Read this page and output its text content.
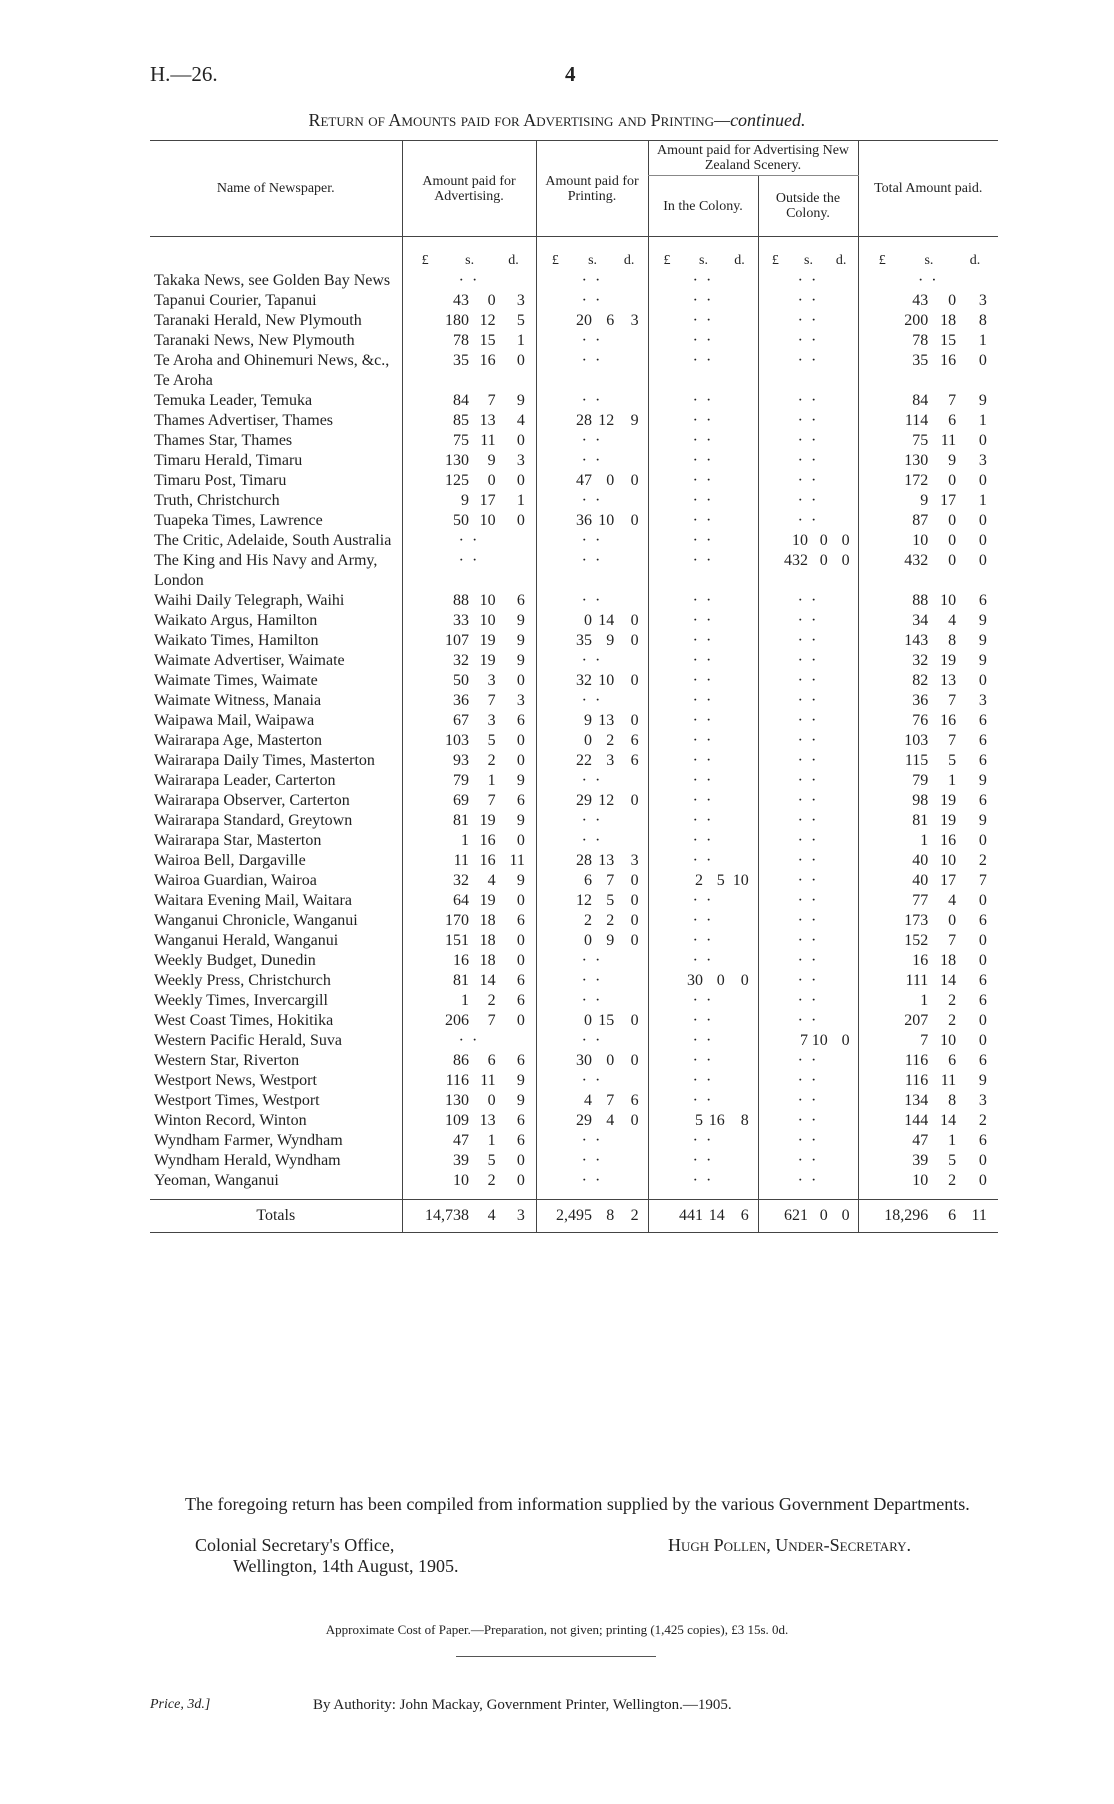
H.—26.	4
Return of Amounts paid for Advertising and Printing—continued.
Name of Newspaper.	Amount paid for Advertising.	Amount paid for Printing.	Amount paid for Advertising New Zealand Scenery.		Total Amount paid.
			In the Colony.	Outside the Colony.	

	£ s. d.	£ s. d.	£ s. d.	£ s. d.	£ s. d.

Takaka News, see Golden Bay News	· ·	· ·	· ·	· ·	· ·

Tapanui Courier, Tapanui	43 0 3	· ·	· ·	· ·	43 0 3

Taranaki Herald, New Plymouth	180 12 5	20 6 3	· ·	· ·	200 18 8

Taranaki News, New Plymouth	78 15 1	· ·	· ·	· ·	78 15 1

Te Aroha and Ohinemuri News, &c., Te Aroha	35 16 0	· ·	· ·	· ·	35 16 0

Temuka Leader, Temuka	84 7 9	· ·	· ·	· ·	84 7 9

Thames Advertiser, Thames	85 13 4	28 12 9	· ·	· ·	114 6 1

Thames Star, Thames	75 11 0	· ·	· ·	· ·	75 11 0

Timaru Herald, Timaru	130 9 3	· ·	· ·	· ·	130 9 3

Timaru Post, Timaru	125 0 0	47 0 0	· ·	· ·	172 0 0

Truth, Christchurch	9 17 1	· ·	· ·	· ·	9 17 1

Tuapeka Times, Lawrence	50 10 0	36 10 0	· ·	· ·	87 0 0

The Critic, Adelaide, South Australia	· ·	· ·	· ·	10 0 0	10 0 0

The King and His Navy and Army, London	· ·	· ·	· ·	432 0 0	432 0 0

Waihi Daily Telegraph, Waihi	88 10 6	· ·	· ·	· ·	88 10 6

Waikato Argus, Hamilton	33 10 9	0 14 0	· ·	· ·	34 4 9

Waikato Times, Hamilton	107 19 9	35 9 0	· ·	· ·	143 8 9

Waimate Advertiser, Waimate	32 19 9	· ·	· ·	· ·	32 19 9

Waimate Times, Waimate	50 3 0	32 10 0	· ·	· ·	82 13 0

Waimate Witness, Manaia	36 7 3	· ·	· ·	· ·	36 7 3

Waipawa Mail, Waipawa	67 3 6	9 13 0	· ·	· ·	76 16 6

Wairarapa Age, Masterton	103 5 0	0 2 6	· ·	· ·	103 7 6

Wairarapa Daily Times, Masterton	93 2 0	22 3 6	· ·	· ·	115 5 6

Wairarapa Leader, Carterton	79 1 9	· ·	· ·	· ·	79 1 9

Wairarapa Observer, Carterton	69 7 6	29 12 0	· ·	· ·	98 19 6

Wairarapa Standard, Greytown	81 19 9	· ·	· ·	· ·	81 19 9

Wairarapa Star, Masterton	1 16 0	· ·	· ·	· ·	1 16 0

Wairoa Bell, Dargaville	11 16 11	28 13 3	· ·	· ·	40 10 2

Wairoa Guardian, Wairoa	32 4 9	6 7 0	2 5 10	· ·	40 17 7

Waitara Evening Mail, Waitara	64 19 0	12 5 0	· ·	· ·	77 4 0

Wanganui Chronicle, Wanganui	170 18 6	2 2 0	· ·	· ·	173 0 6

Wanganui Herald, Wanganui	151 18 0	0 9 0	· ·	· ·	152 7 0

Weekly Budget, Dunedin	16 18 0	· ·	· ·	· ·	16 18 0

Weekly Press, Christchurch	81 14 6	· ·	30 0 0	· ·	111 14 6

Weekly Times, Invercargill	1 2 6	· ·	· ·	· ·	1 2 6

West Coast Times, Hokitika	206 7 0	0 15 0	· ·	· ·	207 2 0

Western Pacific Herald, Suva	· ·	· ·	· ·	7 10 0	7 10 0

Western Star, Riverton	86 6 6	30 0 0	· ·	· ·	116 6 6

Westport News, Westport	116 11 9	· ·	· ·	· ·	116 11 9

Westport Times, Westport	130 0 9	4 7 6	· ·	· ·	134 8 3

Winton Record, Winton	109 13 6	29 4 0	5 16 8	· ·	144 14 2

Wyndham Farmer, Wyndham	47 1 6	· ·	· ·	· ·	47 1 6

Wyndham Herald, Wyndham	39 5 0	· ·	· ·	· ·	39 5 0

Yeoman, Wanganui	10 2 0	· ·	· ·	· ·	10 2 0

Totals	14,738 4 3	2,495 8 2	441 14 6	621 0 0	18,296 6 11
The foregoing return has been compiled from information supplied by the various Government Departments.
Colonial Secretary's Office,
Wellington, 14th August, 1905.
Hugh Pollen, Under-Secretary.
Approximate Cost of Paper.—Preparation, not given; printing (1,425 copies), £3 15s. 0d.
Price, 3d.]	By Authority: John Mackay, Government Printer, Wellington.—1905.
